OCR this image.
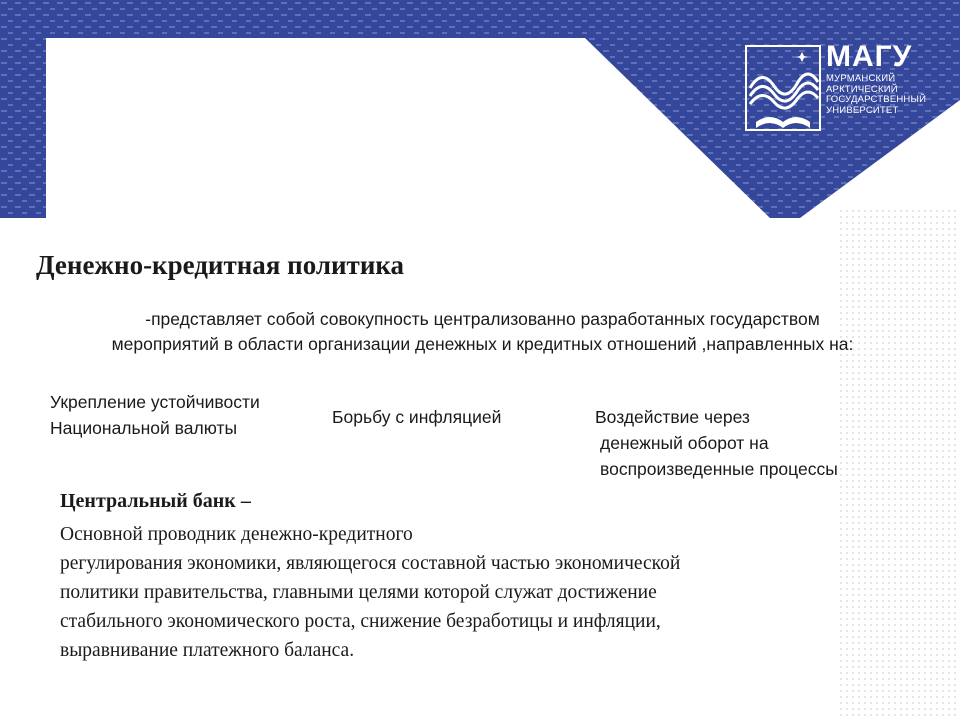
МАГУ
МУРМАНСКИЙ
АРКТИЧЕСКИЙ
ГОСУДАРСТВЕННЫЙ
УНИВЕРСИТЕТ
Денежно-кредитная политика

-представляет собой совокупность централизованно разработанных государством
мероприятий в области организации денежных и кредитных отношений ,направленных на:

Укрепление устойчивости
Национальной валюты

Борьбу с инфляцией	Воздействие через
денежный оборот на
воспроизведенные процессы

Центральный банк –

Основной проводник денежно-кредитного
регулирования экономики, являющегося составной частью экономической
политики правительства, главными целями которой служат достижение
стабильного экономического роста, снижение безработицы и инфляции,
выравнивание платежного баланса.
